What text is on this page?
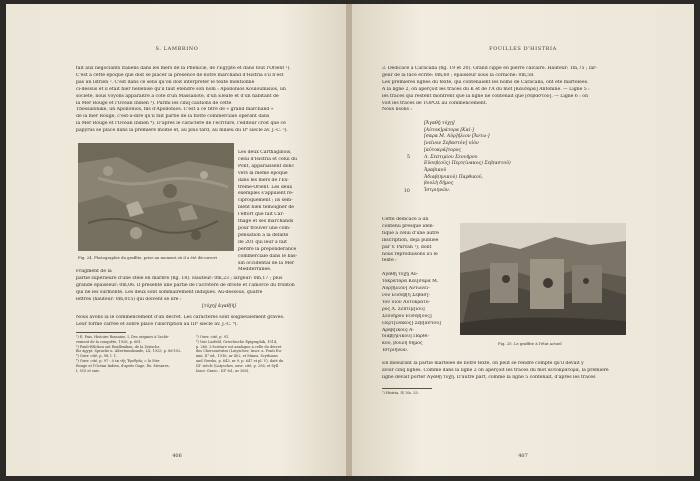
S. LAMBRINO
fait aux négociants italiens dans les mers de la Phénicie, de l'Egypte et dans tout l'Orient ¹).
C'est à cette époque que doit se placer la présence de notre marchand d'Histria s'il n'est
pas un Istrien ². C'est dans ce sens qu'on doit interpréter le texte mentionné
ci-dessus et il était hier hellénisé qu'il faut étendre son nom : Apollonios Kouloumisios, un
société, nous voyons apparaître à côté d'un Massaliote, d'un Eléate et d'un habitant de
la Mer Rouge et l'Océan Indien ³). Parmi les cinq cautions de cette
Thessalonikè, un Apollonios, fils d'Apollonios. C'est à ce titre de « grand marchand »
de la mer Rouge, c'est-à-dire qu'il fait partie de la flotte commerciale opérant dans
la Mer Rouge et l'Océan Indien ⁴). D'après le caractère de l'écriture, l'éditeur croit que ce
papyrus se place dans la première moitié et, au plus tard, au milieu du IIᵉ siècle av. J.-C. ⁵).
Fig. 24. Photographie du graffite, prise au moment où il a été découvert
Les deux Carthaginois,
celui d'Histria et celui du
Pont, apparaissent donc
vers la même époque
dans les mers de l'Ex-
trême-Orient. Les deux
exemples s'appuient ré-
ciproquement ; ils sem-
blent bien témoigner de
l'effort que fait Car-
thage et ses marchands
pour trouver une com-
pensation à la défaite
de 201 qui leur a fait
perdre la prépondérance
commerciale dans le bas-
sin occidental de la Mer
Méditerranée.
Fragment de la
partie supérieure d'une stèle en marbre (fig. 18). Hauteur: 0m,23 ; largeur: 0m,17 ; plus
grande épaisseur: 0m,06. Il présente une partie de l'acrotère de droite et l'amorce du fronton
qui ne les surmonte. Les deux sont sommairement indiqués. Au-dessous, quatre
lettres (hauteur: 0m,015) qui doivent se lire :
[τύχη] ἀγαθ[ὴ]
Nous avons là le commencement d'un décret. Les caractères sont soigneusement gravés.
Leur forme carrée et sobre place l'inscription au IIIᵉ siècle av. J.-C. ⁶).
¹) E. Pais, Histoire Romaine, I, Des origines à l'achè-
vement de la conquête, 1926, p. 681.
²) Pauli-Wilcken ont Reallexikon, de la Zeitschr.
für ägypt. Sprache u. Altertumskunde, LX, 1925, p. 86-102.
³) Ouvr. cité, p. 98, l. 1.
⁴) Ouvr. cité, p. 97 : ὁ ἐκ τῆς Ἐρυθρᾶς = la Mer
Rouge et l'Océan Indien, d'après Gage, Ex. Mesures,
I, 515 et suiv.
⁵) Ouvr. cité, p. 91.
⁶) Voir Larfeld, Griechische Epigraphik, 1914,
p. 260. L'écriture est analogue à celle du décret
des Chersonésites (Latyschev, Inscr. a. Ponti Eu-
xini, II¹ ed., 1916, nr 402, et Minns, Scythians
and Greeks, p. 643, nr 9, p. 647 et pl. V), daté du
IIIᵉ siècle (Latyschev, ouvr. cité, p. 256, et Syll.
Inscr. Graec., III³ éd., nr 360).
406
FOUILLES D'HISTRIA
3. Dédicace à Caracalla (fig. 19 et 20). Grand cippe en pierre calcaire. Hauteur: 1m,75 ; lar-
geur de la face écrite: 0m,60 ; épaisseur sous la corniche: 0m,58.
Les premières lignes du texte, qui contenaient les noms de Caracalla, ont été martelées.
A la ligne 2, on aperçoit les traces du K et de l'A du mot [Καίσαρα] Antonine. — Ligne 5 :
les traces qui restent montrent que la ligne ne contenait que [σεβαστόν]. — Ligne 6 : on
voit les traces de TOPOΣ au commencement.
Nous lisons :
[Ἀγαθῇ τύχῃ]
[Αὐτοκ]ράτορα [Καί-]
[σαρα Μ. Αὐρ]ήλιον [Ἀντω-]
[νεῖνον Σεβαστὸν] υἱὸν
[αὐτοκρά]τορος
Λ. Σεπτιμίου Σεουήρου
Εὐσεβ(οῦς) Περτ(ίνακος) Σεβ(αστοῦ)
Ἀραβικοῦ
Ἀδιαβ(ηνικοῦ) Παρθικοῦ,
βουλὴ δῆμος
Ἰστριηνῶν.
5
10
Cette dédicace a un
contenu presque iden-
tique à celui d'une autre
inscription, déjà publiée
par V. Pârvan ¹), dont
nous reproduisons ici le
texte :

Ἀγαθῇ τύχῃ Αὐ-
τοκράτορα Καί[σαρα Μ.
Αὐρ]ήλιον] Ἀντωνεῖ-
νον Εὐσεβ[ῆ Σεβασ]-
τὸν υἱὸν Αὐτοκράτο-
ρος Λ. Σεπτιμ[ίου]
Σεουήρου Εὐσεβ[οῦς]
Περτ[ίνακος] Σεβ[αστοῦ]
Ἀραβ[ικοῦ] Ἀ-
διαβ[ηνικοῦ] Παρθι-
κοῦ, βουλὴ δῆμος
Ἰστριηνῶν.
Fig. 25. Le graffite à l'état actuel
En mesurant la partie martelée de notre texte, on peut se rendre compte qu'il devait y
avoir cinq lignes. Comme dans la ligne 2 on aperçoit les traces du mot αὐτοκράτορα, la première
ligne devait porter Ἀγαθῇ τύχῃ. D'autre part, comme la ligne 5 contenait, d'après les traces
¹) Histria, IV, No. 33.
407
